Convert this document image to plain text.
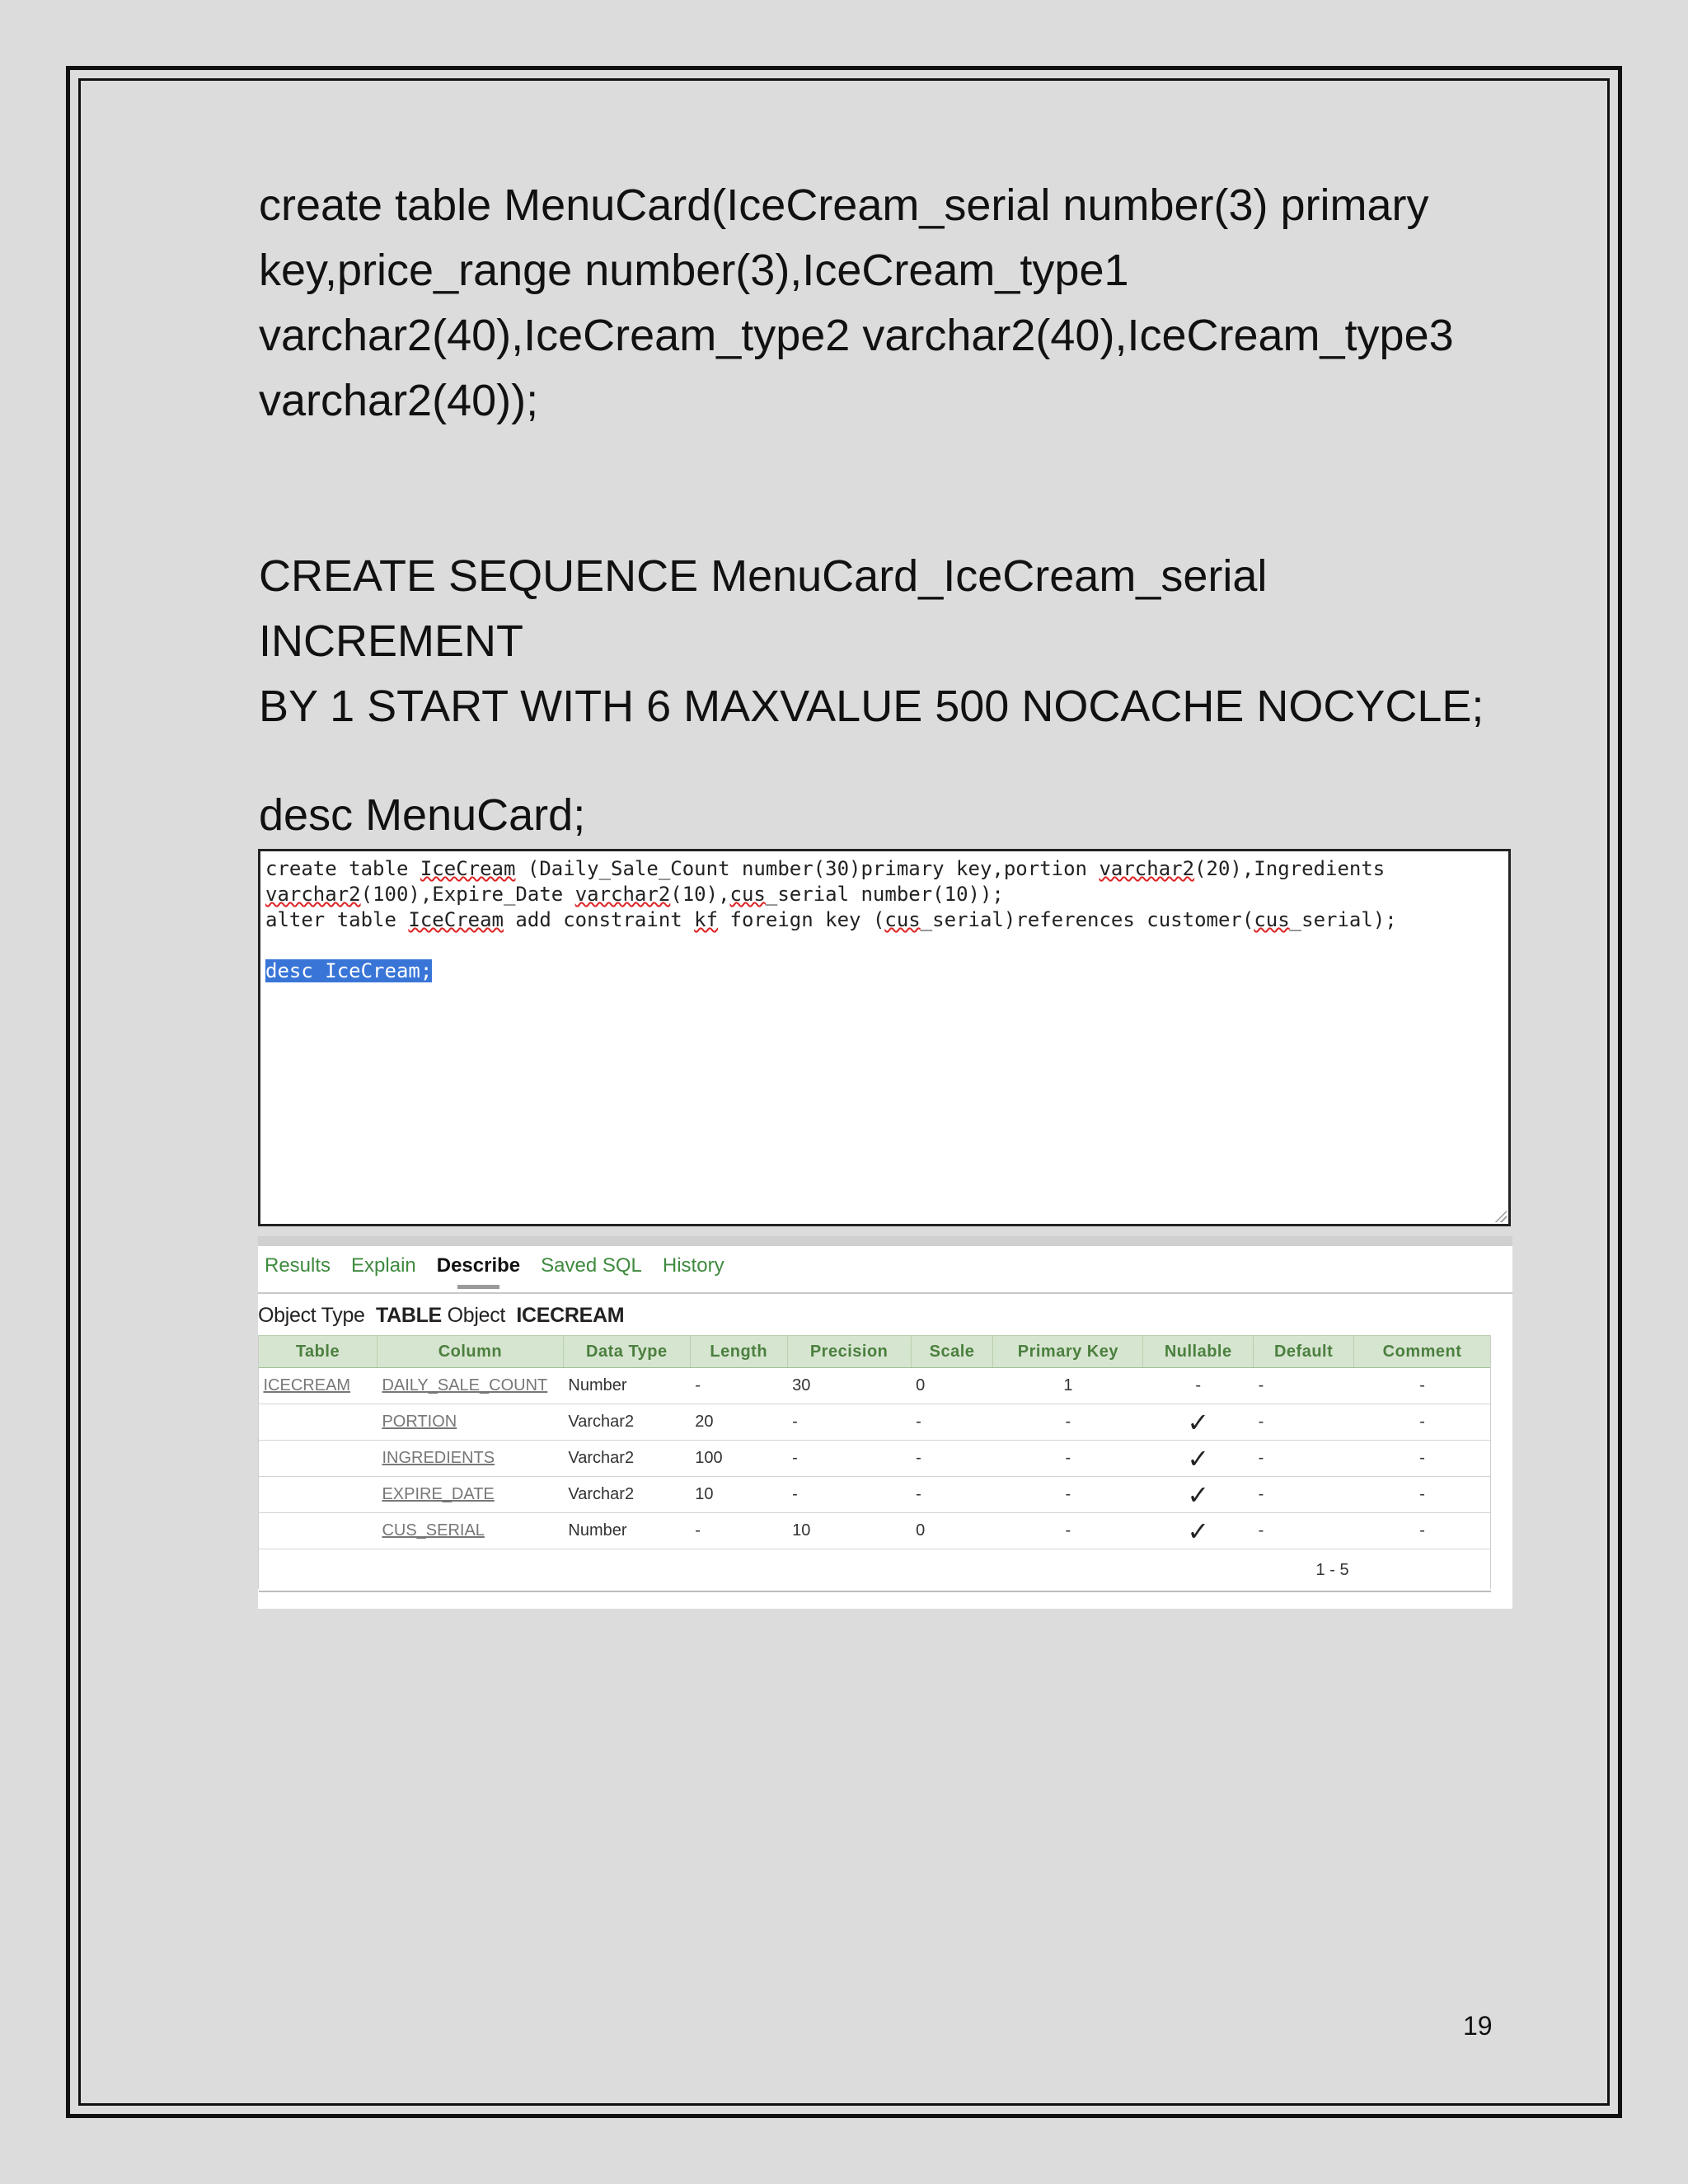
create table MenuCard(IceCream_serial number(3) primary
key,price_range number(3),IceCream_type1
varchar2(40),IceCream_type2 varchar2(40),IceCream_type3
varchar2(40));
CREATE SEQUENCE MenuCard_IceCream_serial INCREMENT
BY 1 START WITH 6 MAXVALUE 500 NOCACHE NOCYCLE;
desc MenuCard;
create table IceCream (Daily_Sale_Count number(30)primary key,portion varchar2(20),Ingredients
varchar2(100),Expire_Date varchar2(10),cus_serial number(10));
alter table IceCream add constraint kf foreign key (cus_serial)references customer(cus_serial);
desc IceCream;
Results Explain Describe Saved SQL History
Object Type TABLE Object ICECREAM
Table	Column	Data Type	Length	Precision	Scale	Primary Key	Nullable	Default	Comment
ICECREAM	DAILY_SALE_COUNT	Number	-	30	0	1	-	-	-
	PORTION	Varchar2	20	-	-	-	✓	-	-
	INGREDIENTS	Varchar2	100	-	-	-	✓	-	-
	EXPIRE_DATE	Varchar2	10	-	-	-	✓	-	-
	CUS_SERIAL	Number	-	10	0	-	✓	-	-
1 - 5									
19
